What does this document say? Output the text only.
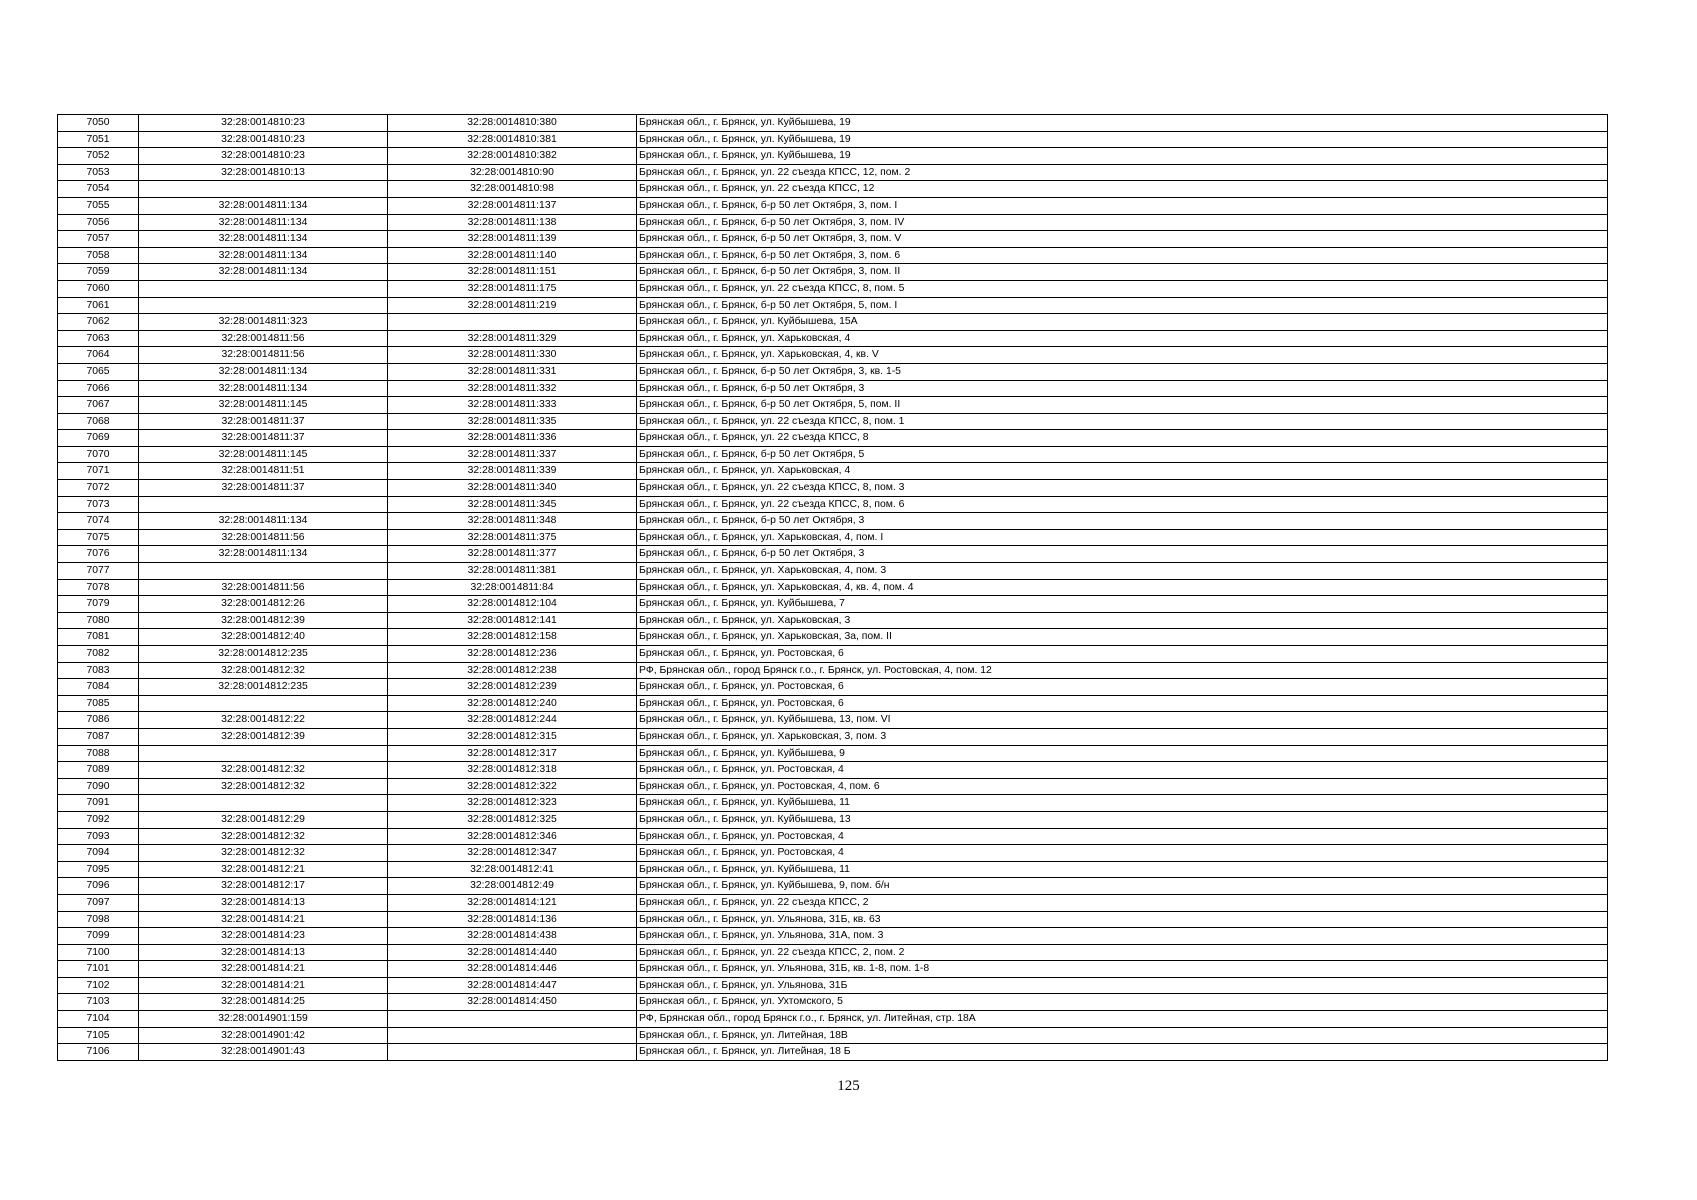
7050	32:28:0014810:23	32:28:0014810:380	Брянская обл., г. Брянск, ул. Куйбышева, 19
7051	32:28:0014810:23	32:28:0014810:381	Брянская обл., г. Брянск, ул. Куйбышева, 19
7052	32:28:0014810:23	32:28:0014810:382	Брянская обл., г. Брянск, ул. Куйбышева, 19
7053	32:28:0014810:13	32:28:0014810:90	Брянская обл., г. Брянск, ул. 22 съезда КПСС, 12, пом. 2
7054		32:28:0014810:98	Брянская обл., г. Брянск, ул. 22 съезда КПСС, 12
7055	32:28:0014811:134	32:28:0014811:137	Брянская обл., г. Брянск, б-р 50 лет Октября, 3, пом. I
7056	32:28:0014811:134	32:28:0014811:138	Брянская обл., г. Брянск, б-р 50 лет Октября, 3, пом. IV
7057	32:28:0014811:134	32:28:0014811:139	Брянская обл., г. Брянск, б-р 50 лет Октября, 3, пом. V
7058	32:28:0014811:134	32:28:0014811:140	Брянская обл., г. Брянск, б-р 50 лет Октября, 3, пом. 6
7059	32:28:0014811:134	32:28:0014811:151	Брянская обл., г. Брянск, б-р 50 лет Октября, 3, пом. II
7060		32:28:0014811:175	Брянская обл., г. Брянск, ул. 22 съезда КПСС, 8, пом. 5
7061		32:28:0014811:219	Брянская обл., г. Брянск, б-р 50 лет Октября, 5, пом. I
7062	32:28:0014811:323		Брянская обл., г. Брянск, ул. Куйбышева, 15А
7063	32:28:0014811:56	32:28:0014811:329	Брянская обл., г. Брянск, ул. Харьковская, 4
7064	32:28:0014811:56	32:28:0014811:330	Брянская обл., г. Брянск, ул. Харьковская, 4, кв. V
7065	32:28:0014811:134	32:28:0014811:331	Брянская обл., г. Брянск, б-р 50 лет Октября, 3, кв. 1-5
7066	32:28:0014811:134	32:28:0014811:332	Брянская обл., г. Брянск, б-р 50 лет Октября, 3
7067	32:28:0014811:145	32:28:0014811:333	Брянская обл., г. Брянск, б-р 50 лет Октября, 5, пом. II
7068	32:28:0014811:37	32:28:0014811:335	Брянская обл., г. Брянск, ул. 22 съезда КПСС, 8, пом. 1
7069	32:28:0014811:37	32:28:0014811:336	Брянская обл., г. Брянск, ул. 22 съезда КПСС, 8
7070	32:28:0014811:145	32:28:0014811:337	Брянская обл., г. Брянск, б-р 50 лет Октября, 5
7071	32:28:0014811:51	32:28:0014811:339	Брянская обл., г. Брянск, ул. Харьковская, 4
7072	32:28:0014811:37	32:28:0014811:340	Брянская обл., г. Брянск, ул. 22 съезда КПСС, 8, пом. 3
7073		32:28:0014811:345	Брянская обл., г. Брянск, ул. 22 съезда КПСС, 8, пом. 6
7074	32:28:0014811:134	32:28:0014811:348	Брянская обл., г. Брянск, б-р 50 лет Октября, 3
7075	32:28:0014811:56	32:28:0014811:375	Брянская обл., г. Брянск, ул. Харьковская, 4, пом. I
7076	32:28:0014811:134	32:28:0014811:377	Брянская обл., г. Брянск, б-р 50 лет Октября, 3
7077		32:28:0014811:381	Брянская обл., г. Брянск, ул. Харьковская, 4, пом. 3
7078	32:28:0014811:56	32:28:0014811:84	Брянская обл., г. Брянск, ул. Харьковская, 4, кв. 4, пом. 4
7079	32:28:0014812:26	32:28:0014812:104	Брянская обл., г. Брянск, ул. Куйбышева, 7
7080	32:28:0014812:39	32:28:0014812:141	Брянская обл., г. Брянск, ул. Харьковская, 3
7081	32:28:0014812:40	32:28:0014812:158	Брянская обл., г. Брянск, ул. Харьковская, 3а, пом. II
7082	32:28:0014812:235	32:28:0014812:236	Брянская обл., г. Брянск, ул. Ростовская, 6
7083	32:28:0014812:32	32:28:0014812:238	РФ, Брянская обл., город Брянск г.о., г. Брянск, ул. Ростовская, 4, пом. 12
7084	32:28:0014812:235	32:28:0014812:239	Брянская обл., г. Брянск, ул. Ростовская, 6
7085		32:28:0014812:240	Брянская обл., г. Брянск, ул. Ростовская, 6
7086	32:28:0014812:22	32:28:0014812:244	Брянская обл., г. Брянск, ул. Куйбышева, 13, пом. VI
7087	32:28:0014812:39	32:28:0014812:315	Брянская обл., г. Брянск, ул. Харьковская, 3, пом. 3
7088		32:28:0014812:317	Брянская обл., г. Брянск, ул. Куйбышева, 9
7089	32:28:0014812:32	32:28:0014812:318	Брянская обл., г. Брянск, ул. Ростовская, 4
7090	32:28:0014812:32	32:28:0014812:322	Брянская обл., г. Брянск, ул. Ростовская, 4, пом. 6
7091		32:28:0014812:323	Брянская обл., г. Брянск, ул. Куйбышева, 11
7092	32:28:0014812:29	32:28:0014812:325	Брянская обл., г. Брянск, ул. Куйбышева, 13
7093	32:28:0014812:32	32:28:0014812:346	Брянская обл., г. Брянск, ул. Ростовская, 4
7094	32:28:0014812:32	32:28:0014812:347	Брянская обл., г. Брянск, ул. Ростовская, 4
7095	32:28:0014812:21	32:28:0014812:41	Брянская обл., г. Брянск, ул. Куйбышева, 11
7096	32:28:0014812:17	32:28:0014812:49	Брянская обл., г. Брянск, ул. Куйбышева, 9, пом. б/н
7097	32:28:0014814:13	32:28:0014814:121	Брянская обл., г. Брянск, ул. 22 съезда КПСС, 2
7098	32:28:0014814:21	32:28:0014814:136	Брянская обл., г. Брянск, ул. Ульянова, 31Б, кв. 63
7099	32:28:0014814:23	32:28:0014814:438	Брянская обл., г. Брянск, ул. Ульянова, 31А, пом. 3
7100	32:28:0014814:13	32:28:0014814:440	Брянская обл., г. Брянск, ул. 22 съезда КПСС, 2, пом. 2
7101	32:28:0014814:21	32:28:0014814:446	Брянская обл., г. Брянск, ул. Ульянова, 31Б, кв. 1-8, пом. 1-8
7102	32:28:0014814:21	32:28:0014814:447	Брянская обл., г. Брянск, ул. Ульянова, 31Б
7103	32:28:0014814:25	32:28:0014814:450	Брянская обл., г. Брянск, ул. Ухтомского, 5
7104	32:28:0014901:159		РФ, Брянская обл., город Брянск г.о., г. Брянск, ул. Литейная, стр. 18А
7105	32:28:0014901:42		Брянская обл., г. Брянск, ул. Литейная, 18В
7106	32:28:0014901:43		Брянская обл., г. Брянск, ул. Литейная, 18 Б
125
